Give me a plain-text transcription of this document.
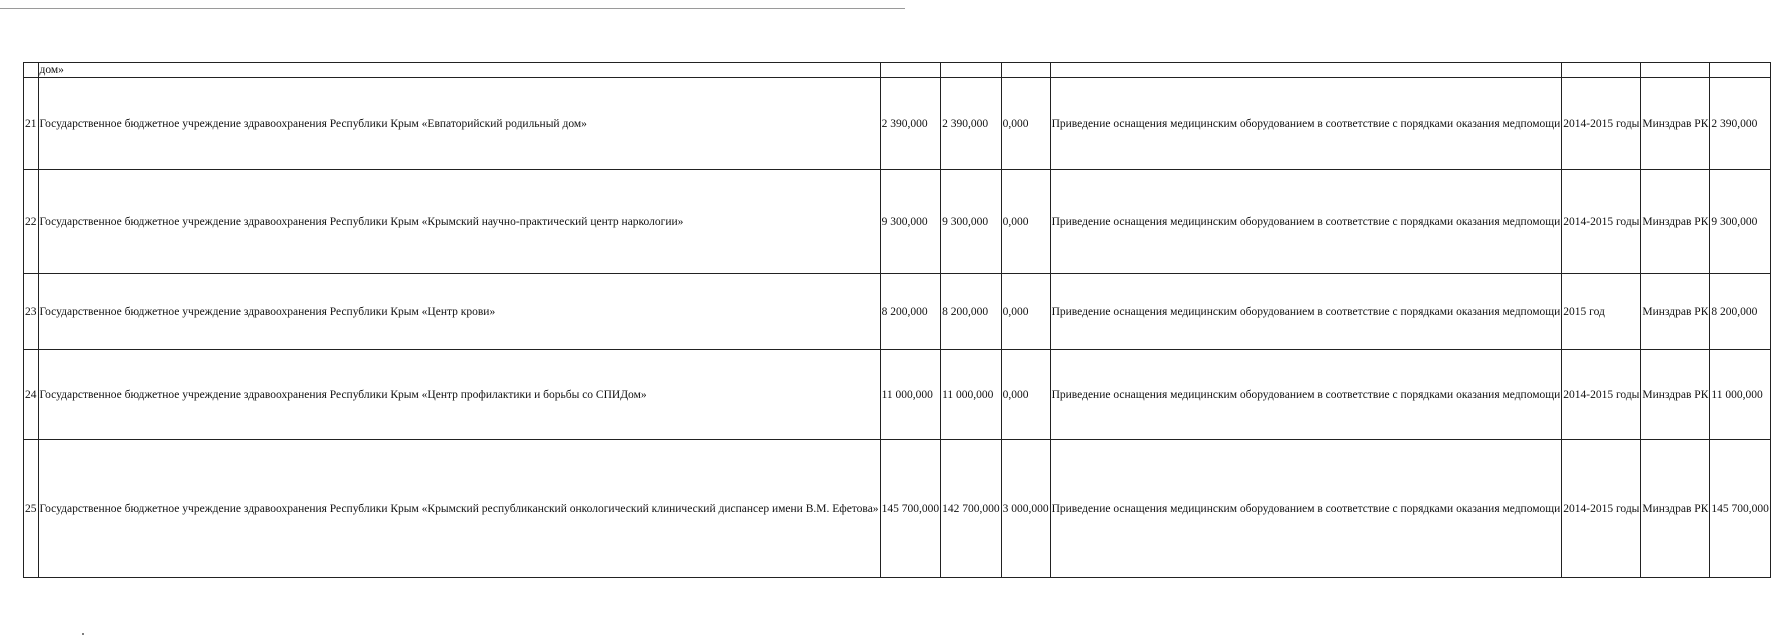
	дом»							
21	Государственное бюджетное учреждение здравоохранения Республики Крым «Евпаторийский родильный дом»	2 390,000	2 390,000	0,000	Приведение оснащения медицинским оборудованием в соответствие с порядками оказания медпомощи	2014-2015 годы	Минздрав РК	2 390,000
22	Государственное бюджетное учреждение здравоохранения Республики Крым «Крымский научно-практический центр наркологии»	9 300,000	9 300,000	0,000	Приведение оснащения медицинским оборудованием в соответствие с порядками оказания медпомощи	2014-2015 годы	Минздрав РК	9 300,000
23	Государственное бюджетное учреждение здравоохранения Республики Крым «Центр крови»	8 200,000	8 200,000	0,000	Приведение оснащения медицинским оборудованием в соответствие с порядками оказания медпомощи	2015 год	Минздрав РК	8 200,000
24	Государственное бюджетное учреждение здравоохранения Республики Крым «Центр профилактики и борьбы со СПИДом»	11 000,000	11 000,000	0,000	Приведение оснащения медицинским оборудованием в соответствие с порядками оказания медпомощи	2014-2015 годы	Минздрав РК	11 000,000
25	Государственное бюджетное учреждение здравоохранения Республики Крым «Крымский республиканский онкологический клинический диспансер имени В.М. Ефетова»	145 700,000	142 700,000	3 000,000	Приведение оснащения медицинским оборудованием в соответствие с порядками оказания медпомощи	2014-2015 годы	Минздрав РК	145 700,000
